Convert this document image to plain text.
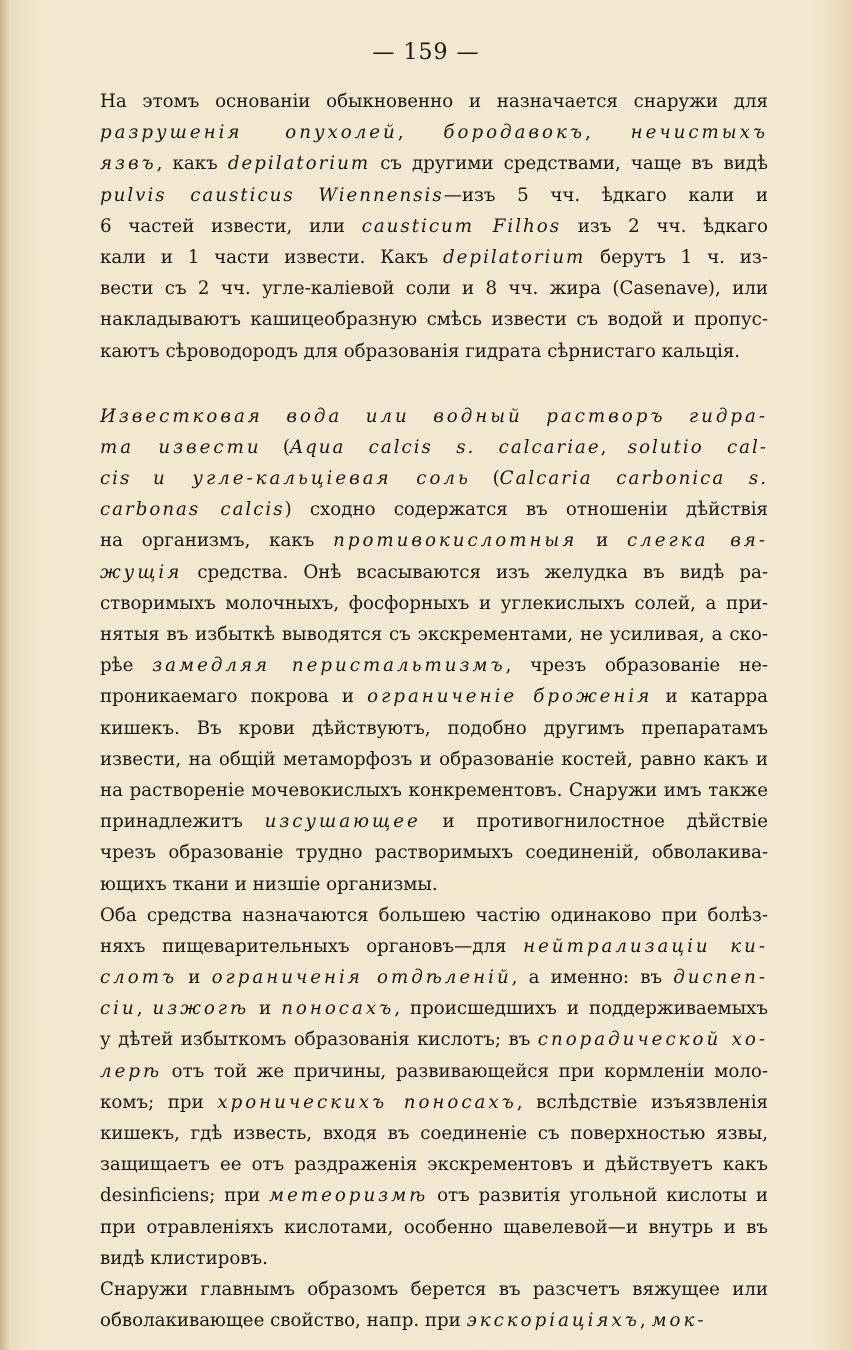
— 159 —
На этомъ основаніи обыкновенно и назначается снаружи для
разрушенія опухолей, бородавокъ, нечистыхъ
язвъ, какъ depilatorium съ другими средствами, чаще въ видѣ
pulvis causticus Wiennensis—изъ 5 чч. ѣдкаго кали и
6 частей извести, или causticum Filhos изъ 2 чч. ѣдкаго
кали и 1 части извести. Какъ depilatorium берутъ 1 ч. из-
вести съ 2 чч. угле-каліевой соли и 8 чч. жира (Casenave), или
накладываютъ кашицеобразную смѣсь извести съ водой и пропус-
каютъ сѣроводородъ для образованія гидрата сѣрнистаго кальція.
Известковая вода или водный растворъ гидра-
та извести (Aqua calcis s. calcariae, solutio cal-
cis и угле-кальціевая соль (Calcaria carbonica s.
carbonas calcis) сходно содержатся въ отношеніи дѣйствія
на организмъ, какъ противокислотныя и слегка вя-
жущія средства. Онѣ всасываются изъ желудка въ видѣ ра-
створимыхъ молочныхъ, фосфорныхъ и углекислыхъ солей, а при-
нятыя въ избыткѣ выводятся съ экскрементами, не усиливая, а ско-
рѣе замедляя перистальтизмъ, чрезъ образованіе не-
проникаемаго покрова и ограниченіе броженія и катарра
кишекъ. Въ крови дѣйствуютъ, подобно другимъ препаратамъ
извести, на общій метаморфозъ и образованіе костей, равно какъ и
на раствореніе мочевокислыхъ конкрементовъ. Снаружи имъ также
принадлежитъ изсушающее и противогнилостное дѣйствіе
чрезъ образованіе трудно растворимыхъ соединеній, обволакива-
ющихъ ткани и низшіе организмы.
Оба средства назначаются большею частію одинаково при болѣз-
няхъ пищеварительныхъ органовъ—для нейтрализаціи ки-
слотъ и ограниченія отдѣленій, а именно: въ диспеп-
сіи, изжогѣ и поносахъ, происшедшихъ и поддерживаемыхъ
у дѣтей избыткомъ образованія кислотъ; въ спорадической хо-
лерѣ отъ той же причины, развивающейся при кормленіи моло-
комъ; при хроническихъ поносахъ, вслѣдствіе изъязвленія
кишекъ, гдѣ известь, входя въ соединеніе съ поверхностью язвы,
защищаетъ ее отъ раздраженія экскрементовъ и дѣйствуетъ какъ
desinficiens; при метеоризмѣ отъ развитія угольной кислоты и
при отравленіяхъ кислотами, особенно щавелевой—и внутрь и въ
видѣ клистировъ.
Снаружи главнымъ образомъ берется въ разсчетъ вяжущее или
обволакивающее свойство, напр. при экскоріаціяхъ, мок-
